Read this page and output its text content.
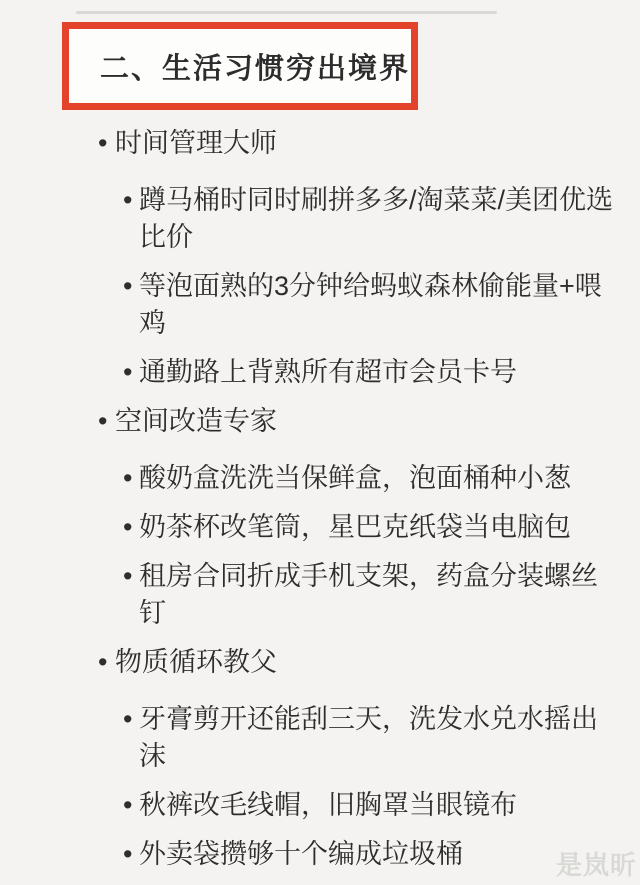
二、生活习惯穷出境界
• 时间管理大师
• 蹲马桶时同时刷拼多多/淘菜菜/美团优选比价
• 等泡面熟的3分钟给蚂蚁森林偷能量+喂鸡
• 通勤路上背熟所有超市会员卡号
• 空间改造专家
• 酸奶盒洗洗当保鲜盒，泡面桶种小葱
• 奶茶杯改笔筒，星巴克纸袋当电脑包
• 租房合同折成手机支架，药盒分装螺丝钉
• 物质循环教父
• 牙膏剪开还能刮三天，洗发水兑水摇出沫
• 秋裤改毛线帽，旧胸罩当眼镜布
• 外卖袋攒够十个编成垃圾桶	是岚昕
